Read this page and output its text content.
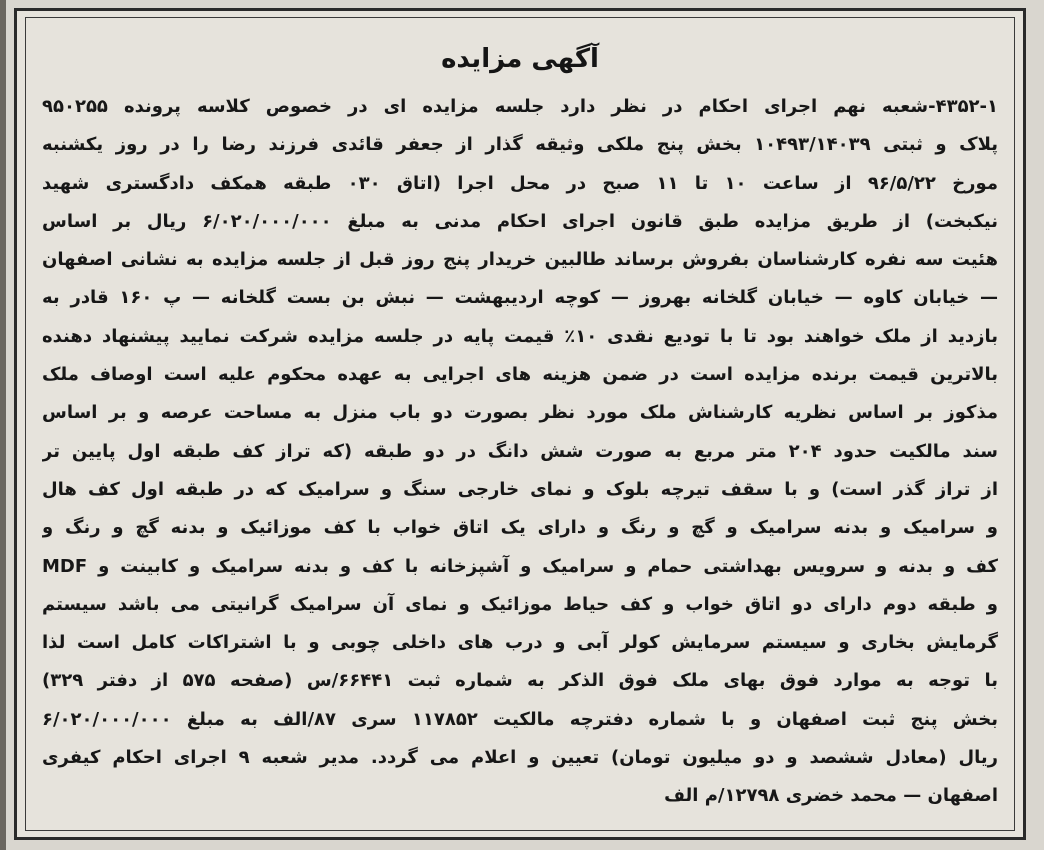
آگهی مزایده
۴۳۵۲-۱-شعبه نهم اجرای احکام در نظر دارد جلسه مزایده ای در خصوص کلاسه پرونده ۹۵۰۲۵۵
پلاک و ثبتی ۱۰۴۹۳/۱۴۰۳۹ بخش پنج ملکی وثیقه گذار از جعفر قائدی فرزند رضا را در روز یکشنبه
مورخ ۹۶/۵/۲۲ از ساعت ۱۰ تا ۱۱ صبح در محل اجرا (اتاق ۰۳۰ طبقه همکف دادگستری شهید
نیکبخت) از طریق مزایده طبق قانون اجرای احکام مدنی به مبلغ ۶/۰۲۰/۰۰۰/۰۰۰ ریال بر اساس
هئیت سه نفره کارشناسان بفروش برساند طالبین خریدار پنج روز قبل از جلسه مزایده به نشانی اصفهان
— خیابان کاوه — خیابان گلخانه بهروز — کوچه اردیبهشت — نبش بن بست گلخانه — پ ۱۶۰ قادر به
بازدید از ملک خواهند بود تا با تودیع نقدی ۱۰٪ قیمت پایه در جلسه مزایده شرکت نمایید پیشنهاد دهنده
بالاترین قیمت برنده مزایده است در ضمن هزینه های اجرایی به عهده محکوم علیه است اوصاف ملک
مذکوز بر اساس نظریه کارشناش ملک مورد نظر بصورت دو باب منزل به مساحت عرصه و بر اساس
سند مالکیت حدود ۲۰۴ متر مربع به صورت شش دانگ در دو طبقه (که تراز کف طبقه اول پایین تر
از تراز گذر است) و با سقف تیرچه بلوک و نمای خارجی سنگ و سرامیک که در طبقه اول کف هال
و سرامیک و بدنه سرامیک و گچ و رنگ و دارای یک اتاق خواب با کف موزائیک و بدنه گچ و رنگ و
کف و بدنه و سرویس بهداشتی حمام و سرامیک و آشپزخانه با کف و بدنه سرامیک و کابینت و MDF
و طبقه دوم دارای دو اتاق خواب و کف حیاط موزائیک و نمای آن سرامیک گرانیتی می باشد سیستم
گرمایش بخاری و سیستم سرمایش کولر آبی و درب های داخلی چوبی و با اشتراکات کامل است لذا
با توجه به موارد فوق بهای ملک فوق الذکر به شماره ثبت ۶۶۴۴۱/س (صفحه ۵۷۵ از دفتر ۳۲۹)
بخش پنج ثبت اصفهان و با شماره دفترچه مالکیت ۱۱۷۸۵۲ سری ۸۷/الف به مبلغ ۶/۰۲۰/۰۰۰/۰۰۰
ریال (معادل ششصد و دو میلیون تومان) تعیین و اعلام می گردد. مدیر شعبه ۹ اجرای احکام کیفری
اصفهان — محمد خضری ۱۲۷۹۸/م الف
